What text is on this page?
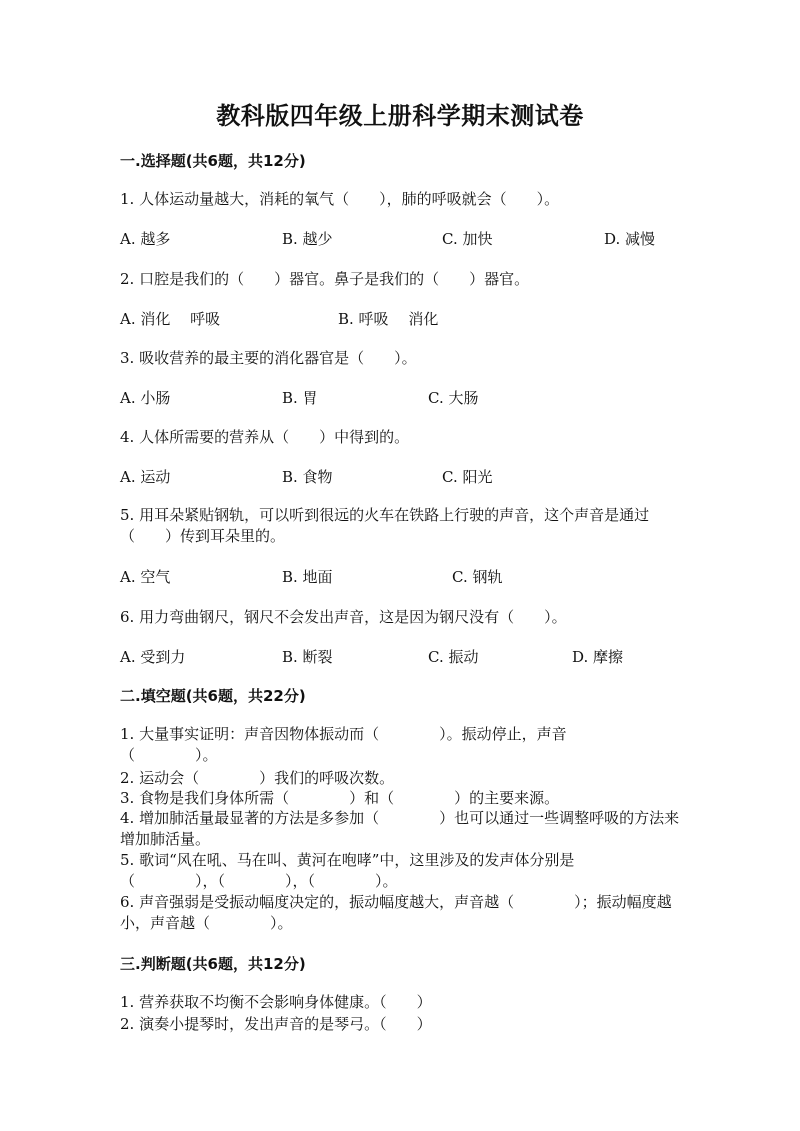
教科版四年级上册科学期末测试卷
一.选择题(共6题，共12分)
1. 人体运动量越大，消耗的氧气（　　），肺的呼吸就会（　　）。
A. 越多	B. 越少	C. 加快	D. 减慢
2. 口腔是我们的（　　）器官。鼻子是我们的（　　）器官。
A. 消化　 呼吸	B. 呼吸　 消化
3. 吸收营养的最主要的消化器官是（　　）。
A. 小肠	B. 胃	C. 大肠
4. 人体所需要的营养从（　　）中得到的。
A. 运动	B. 食物	C. 阳光
5. 用耳朵紧贴钢轨，可以听到很远的火车在铁路上行驶的声音，这个声音是通过（　　）传到耳朵里的。
A. 空气	B. 地面	C. 钢轨
6. 用力弯曲钢尺，钢尺不会发出声音，这是因为钢尺没有（　　）。
A. 受到力	B. 断裂	C. 振动	D. 摩擦
二.填空题(共6题，共22分)
1. 大量事实证明：声音因物体振动而（　　　　）。振动停止，声音（　　　　）。
2. 运动会（　　　　）我们的呼吸次数。
3. 食物是我们身体所需（　　　　）和（　　　　）的主要来源。
4. 增加肺活量最显著的方法是多参加（　　　　）也可以通过一些调整呼吸的方法来增加肺活量。
5. 歌词“风在吼、马在叫、黄河在咆哮”中，这里涉及的发声体分别是（　　　　），（　　　　），（　　　　）。
6. 声音强弱是受振动幅度决定的，振动幅度越大，声音越（　　　　）；振动幅度越小，声音越（　　　　）。
三.判断题(共6题，共12分)
1. 营养获取不均衡不会影响身体健康。（　　）
2. 演奏小提琴时，发出声音的是琴弓。（　　）
